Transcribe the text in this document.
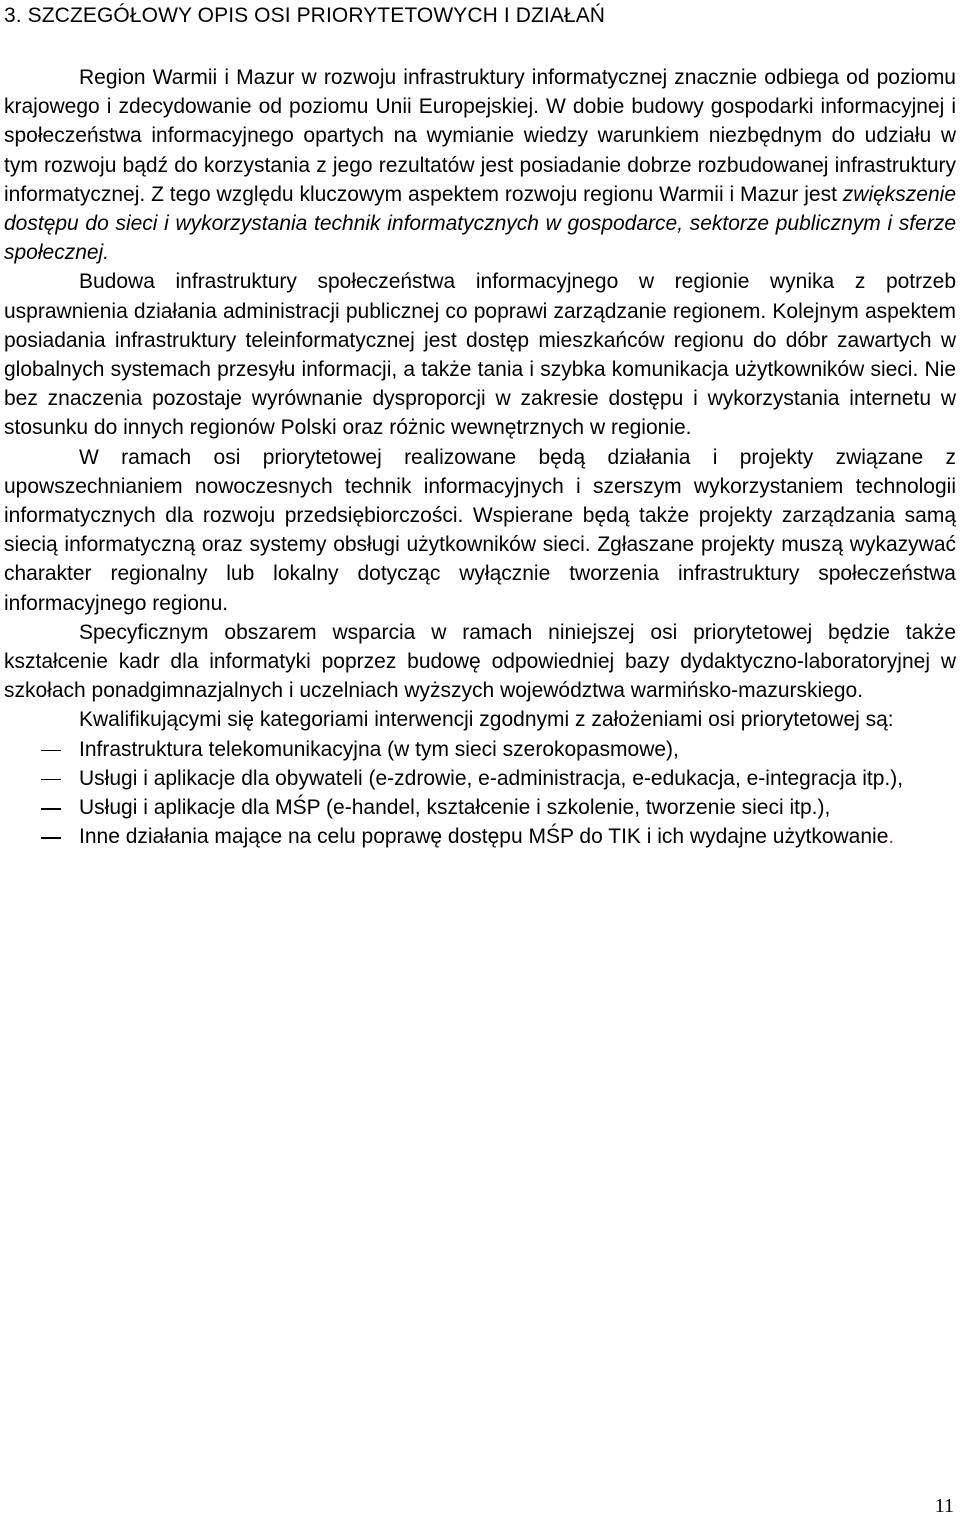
3. SZCZEGÓŁOWY OPIS OSI PRIORYTETOWYCH I DZIAŁAŃ

Region Warmii i Mazur w rozwoju infrastruktury informatycznej znacznie odbiega od poziomu krajowego i zdecydowanie od poziomu Unii Europejskiej. W dobie budowy gospodarki informacyjnej i społeczeństwa informacyjnego opartych na wymianie wiedzy warunkiem niezbędnym do udziału w tym rozwoju bądź do korzystania z jego rezultatów jest posiadanie dobrze rozbudowanej infrastruktury informatycznej. Z tego względu kluczowym aspektem rozwoju regionu Warmii i Mazur jest zwiększenie dostępu do sieci i wykorzystania technik informatycznych w gospodarce, sektorze publicznym i sferze społecznej.

Budowa infrastruktury społeczeństwa informacyjnego w regionie wynika z potrzeb usprawnienia działania administracji publicznej co poprawi zarządzanie regionem. Kolejnym aspektem posiadania infrastruktury teleinformatycznej jest dostęp mieszkańców regionu do dóbr zawartych w globalnych systemach przesyłu informacji, a także tania i szybka komunikacja użytkowników sieci. Nie bez znaczenia pozostaje wyrównanie dysproporcji w zakresie dostępu i wykorzystania internetu w stosunku do innych regionów Polski oraz różnic wewnętrznych w regionie.

W ramach osi priorytetowej realizowane będą działania i projekty związane z upowszechnianiem nowoczesnych technik informacyjnych i szerszym wykorzystaniem technologii informatycznych dla rozwoju przedsiębiorczości. Wspierane będą także projekty zarządzania samą siecią informatyczną oraz systemy obsługi użytkowników sieci. Zgłaszane projekty muszą wykazywać charakter regionalny lub lokalny dotycząc wyłącznie tworzenia infrastruktury społeczeństwa informacyjnego regionu.

Specyficznym obszarem wsparcia w ramach niniejszej osi priorytetowej będzie także kształcenie kadr dla informatyki poprzez budowę odpowiedniej bazy dydaktyczno-laboratoryjnej w szkołach ponadgimnazjalnych i uczelniach wyższych województwa warmińsko-mazurskiego.

Kwalifikującymi się kategoriami interwencji zgodnymi z założeniami osi priorytetowej są:

Infrastruktura telekomunikacyjna (w tym sieci szerokopasmowe),
Usługi i aplikacje dla obywateli (e-zdrowie, e-administracja, e-edukacja, e-integracja itp.),
Usługi i aplikacje dla MŚP (e-handel, kształcenie i szkolenie, tworzenie sieci itp.),
Inne działania mające na celu poprawę dostępu MŚP do TIK i ich wydajne użytkowanie.
11
